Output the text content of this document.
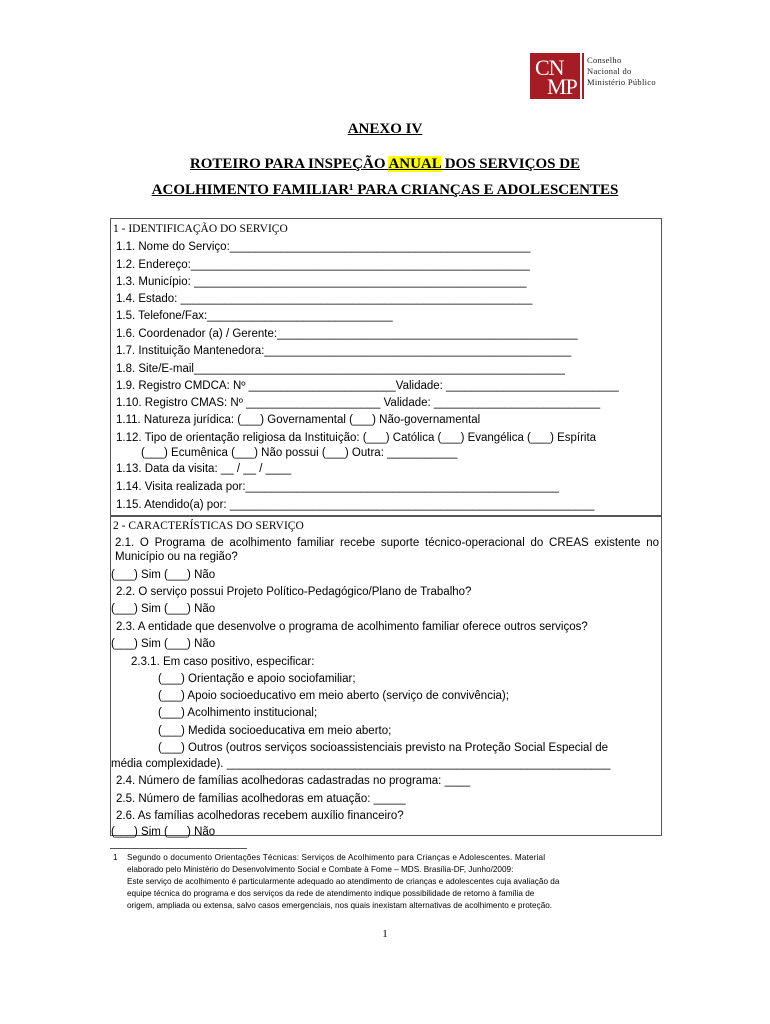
CN
MP
Conselho
Nacional do
Ministério Público
ANEXO IV
ROTEIRO PARA INSPEÇÃO ANUAL DOS SERVIÇOS DE
ACOLHIMENTO FAMILIAR¹ PARA CRIANÇAS E ADOLESCENTES
1 - IDENTIFICAÇÃO DO SERVIÇO
1.1. Nome do Serviço:_______________________________________________
1.2. Endereço:_____________________________________________________
1.3. Município: ____________________________________________________
1.4. Estado: _______________________________________________________
1.5. Telefone/Fax:_____________________________
1.6. Coordenador (a) / Gerente:_______________________________________________
1.7. Instituição Mantenedora:________________________________________________
1.8. Site/E-mail__________________________________________________________
1.9. Registro CMDCA: Nº _______________________Validade: ___________________________
1.10. Registro CMAS: Nº _____________________ Validade: __________________________
1.11. Natureza jurídica: (___) Governamental (___) Não-governamental
1.12. Tipo de orientação religiosa da Instituição: (___) Católica (___) Evangélica (___) Espírita
(___) Ecumênica (___) Não possui (___) Outra: ___________
1.13. Data da visita: __ / __ / ____
1.14. Visita realizada por:_________________________________________________
1.15. Atendido(a) por: _________________________________________________________
2 - CARACTERÍSTICAS DO SERVIÇO
2.1. O Programa de acolhimento familiar recebe suporte técnico-operacional do CREAS existente no Município ou na região?
(___) Sim (___) Não
2.2. O serviço possui Projeto Político-Pedagógico/Plano de Trabalho?
(___) Sim (___) Não
2.3. A entidade que desenvolve o programa de acolhimento familiar oferece outros serviços?
(___) Sim (___) Não
2.3.1. Em caso positivo, especificar:
(___) Orientação e apoio sociofamiliar;
(___) Apoio socioeducativo em meio aberto (serviço de convivência);
(___) Acolhimento institucional;
(___) Medida socioeducativa em meio aberto;
(___) Outros (outros serviços socioassistenciais previsto na Proteção Social Especial de
média complexidade). ____________________________________________________________
2.4. Número de famílias acolhedoras cadastradas no programa: ____
2.5. Número de famílias acolhedoras em atuação: _____
2.6. As famílias acolhedoras recebem auxílio financeiro?
(___) Sim (___) Não
1 Segundo o documento Orientações Técnicas: Serviços de Acolhimento para Crianças e Adolescentes. Material
elaborado pelo Ministério do Desenvolvimento Social e Combate à Fome – MDS. Brasília-DF, Junho/2009:
Este serviço de acolhimento é particularmente adequado ao atendimento de crianças e adolescentes cuja avaliação da
equipe técnica do programa e dos serviços da rede de atendimento indique possibilidade de retorno à família de
origem, ampliada ou extensa, salvo casos emergenciais, nos quais inexistam alternativas de acolhimento e proteção.
1
